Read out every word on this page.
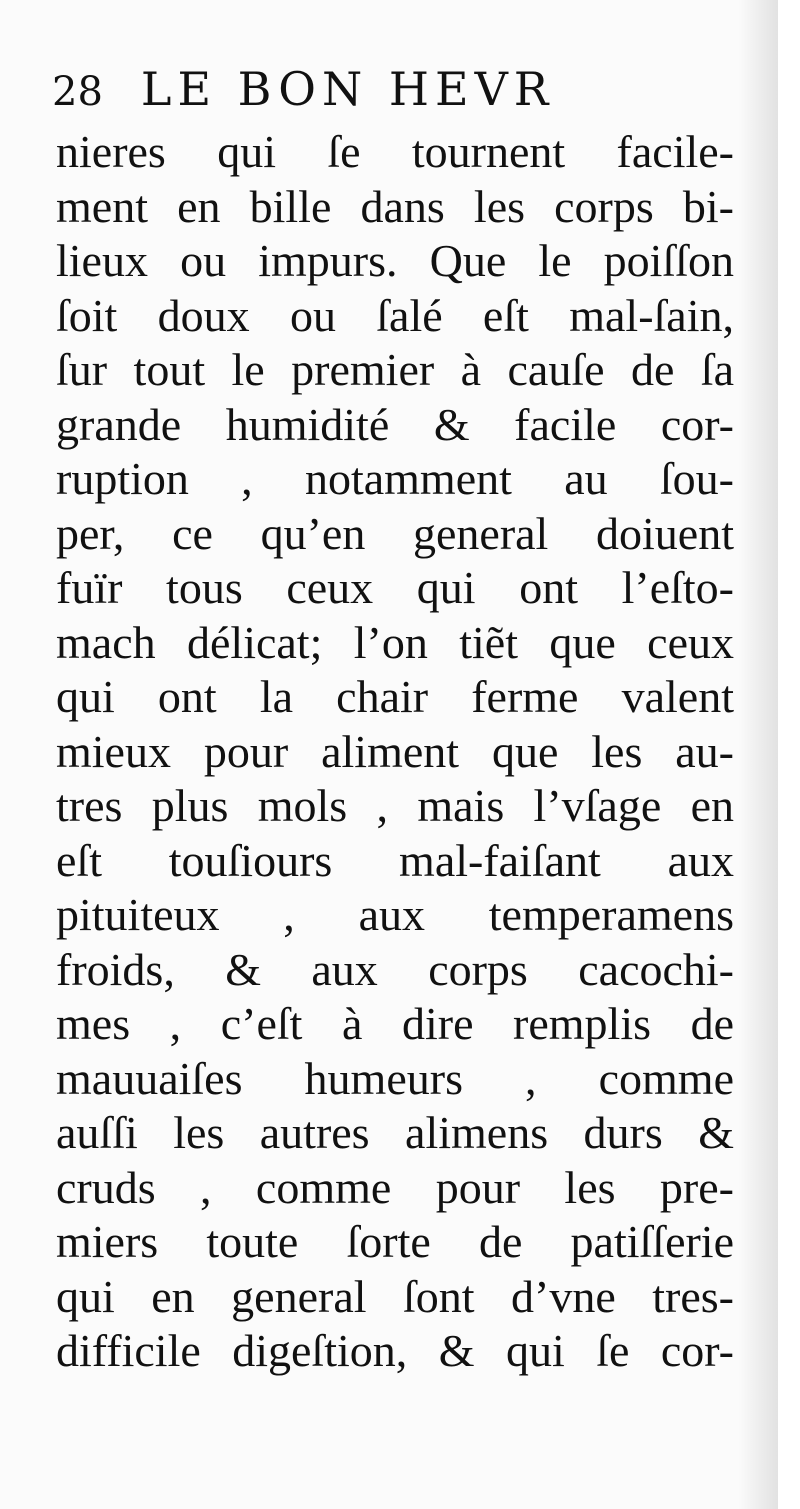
28 LE BON HEVR
nieres qui ſe tournent facile-
ment en bille dans les corps bi-
lieux ou impurs. Que le poiſſon
ſoit doux ou ſalé eſt mal-ſain,
ſur tout le premier à cauſe de ſa
grande humidité & facile cor-
ruption , notamment au ſou-
per, ce qu’en general doiuent
fuïr tous ceux qui ont l’eſto-
mach délicat; l’on tiẽt que ceux
qui ont la chair ferme valent
mieux pour aliment que les au-
tres plus mols , mais l’vſage en
eſt touſiours mal-faiſant aux
pituiteux , aux temperamens
froids, & aux corps cacochi-
mes , c’eſt à dire remplis de
mauuaiſes humeurs , comme
auſſi les autres alimens durs &
cruds , comme pour les pre-
miers toute ſorte de patiſſerie
qui en general ſont d’vne tres-
difficile digeſtion, & qui ſe cor-
